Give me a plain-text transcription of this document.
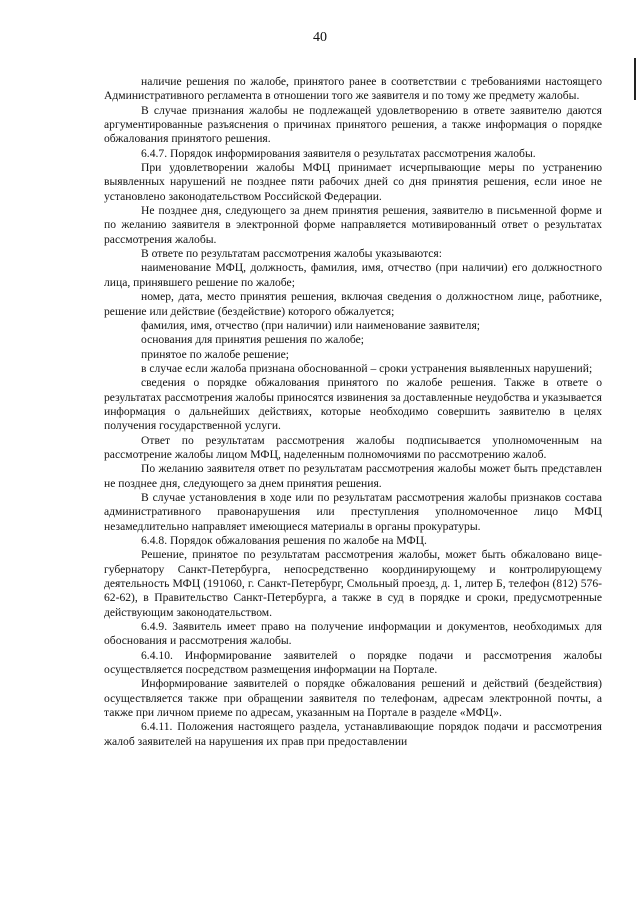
40

наличие решения по жалобе, принятого ранее в соответствии с требованиями настоящего Административного регламента в отношении того же заявителя и по тому же предмету жалобы.

В случае признания жалобы не подлежащей удовлетворению в ответе заявителю даются аргументированные разъяснения о причинах принятого решения, а также информация о порядке обжалования принятого решения.

6.4.7. Порядок информирования заявителя о результатах рассмотрения жалобы.

При удовлетворении жалобы МФЦ принимает исчерпывающие меры по устранению выявленных нарушений не позднее пяти рабочих дней со дня принятия решения, если иное не установлено законодательством Российской Федерации.

Не позднее дня, следующего за днем принятия решения, заявителю в письменной форме и по желанию заявителя в электронной форме направляется мотивированный ответ о результатах рассмотрения жалобы.

В ответе по результатам рассмотрения жалобы указываются:

наименование МФЦ, должность, фамилия, имя, отчество (при наличии) его должностного лица, принявшего решение по жалобе;

номер, дата, место принятия решения, включая сведения о должностном лице, работнике, решение или действие (бездействие) которого обжалуется;

фамилия, имя, отчество (при наличии) или наименование заявителя;

основания для принятия решения по жалобе;

принятое по жалобе решение;

в случае если жалоба признана обоснованной – сроки устранения выявленных нарушений;

сведения о порядке обжалования принятого по жалобе решения. Также в ответе о результатах рассмотрения жалобы приносятся извинения за доставленные неудобства и указывается информация о дальнейших действиях, которые необходимо совершить заявителю в целях получения государственной услуги.

Ответ по результатам рассмотрения жалобы подписывается уполномоченным на рассмотрение жалобы лицом МФЦ, наделенным полномочиями по рассмотрению жалоб.

По желанию заявителя ответ по результатам рассмотрения жалобы может быть представлен не позднее дня, следующего за днем принятия решения.

В случае установления в ходе или по результатам рассмотрения жалобы признаков состава административного правонарушения или преступления уполномоченное лицо МФЦ незамедлительно направляет имеющиеся материалы в органы прокуратуры.

6.4.8. Порядок обжалования решения по жалобе на МФЦ.

Решение, принятое по результатам рассмотрения жалобы, может быть обжаловано вице-губернатору Санкт-Петербурга, непосредственно координирующему и контролирующему деятельность МФЦ (191060, г. Санкт-Петербург, Смольный проезд, д. 1, литер Б, телефон (812) 576-62-62), в Правительство Санкт-Петербурга, а также в суд в порядке и сроки, предусмотренные действующим законодательством.

6.4.9. Заявитель имеет право на получение информации и документов, необходимых для обоснования и рассмотрения жалобы.

6.4.10. Информирование заявителей о порядке подачи и рассмотрения жалобы осуществляется посредством размещения информации на Портале.

Информирование заявителей о порядке обжалования решений и действий (бездействия) осуществляется также при обращении заявителя по телефонам, адресам электронной почты, а также при личном приеме по адресам, указанным на Портале в разделе «МФЦ».

6.4.11. Положения настоящего раздела, устанавливающие порядок подачи и рассмотрения жалоб заявителей на нарушения их прав при предоставлении
